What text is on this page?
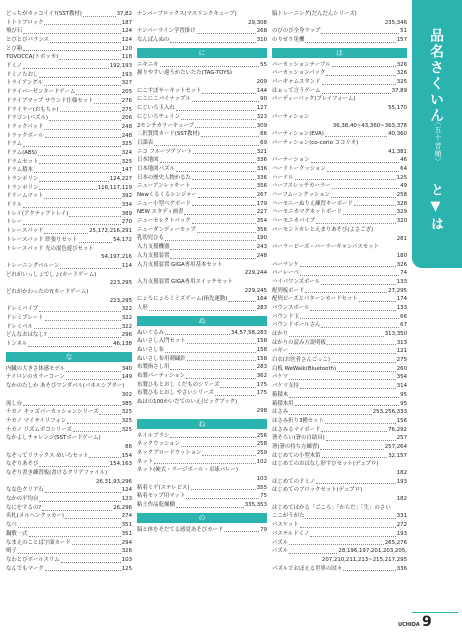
品名さくいん
〈五十音順〉
と▼は
どっちがカッコイイ?(SST教材)	37,82
トトトブロック	187
飛び石	124
とびとびバランス	124
とび箱	120
TOVOCCA(トボッカ)	118
ドミノ	192,193
ドミノたおし	193
トライアングル	327
ドライバーゼンタードゲーム	205
ドライブマップ サウンド仕様セット	276
ドライヤー(おもちゃ)	275
ドラゴン(パズル)	206
トラックパッド	248
トラックボール	248
ドラム	325
ドラム(ABS)	324
ドラムセット	325
ドラム積木	147
トランポリン	124,227
トランポリン	116,117,119
ドリームマット	392
ドリル	334
トレイ(アクティブトレイ)	389
トレー	270
トレースパッド	25,172,216,291
トレースパッド 紗張りセット	54,172
トレースパッド 光の混色遊びセット
54,197,216
トレーニングバルーン	114
どれがいっしょでしょ(カードゲーム)
223,295
どれがかわったの?(カードゲーム)
223,295
ドレミパイプ	322
ドレミプレート	322
ドレミベル	322
どんなおはなし?	296
トンネル	46,138
な
内臓の大きさ体感モデル	340
ナイロンのカラーコーン	149
なかのたしか あそびワンダバル(パネルシアター)
302
流し台	385
ナカノ キッズパーカッションシリーズ	325
ナカノ マイサイリフォン	325
ナカノ リズムボコシリーズ	325
なかよしチャレンジ(SSTボードゲーム)
86
なぞってリラックス めいろセット	154
なぞりあそび	154,163
なぞり書き練習板(書けるクリアファイル)
26,31,93,296
なな色クリア石	124
なかの平均台	123
なにをするの?	26,296
名札(メルヘンクッカー)	274
なべ	351
鍋敷一式	351
なまえのことば字面カード	294
鳴子	326
なわとびボールスリム	103
なんでもマーク	125
ナンバーブロックス(マスリンクキューブ)
29,308
ナンバーライン学習掛け	268
なんばんぬの	310
に
ニキニキ	55
握りやすい違うかたいたた(TAG-TOYS)
209
にこすぽサーキットセット	144
にこにこバイナップル	90
にじいろ玉入れ	127
にじいろチェイン	323
2モンチカラーキューブ	309
二択質問カード(SST教材)	86
日課表	69
ニコ フルーツアソート	321
日本地図	336
日本地図パズル	336
日本の歴史人物かるた	336
ニューアンレッキート	356
Newくるくるレンジャー	267
ニュー小型ベグボード	179
NEW スタディ画書	227
ニューセレクトパック	354
ニューダンディーモップ	356
乳幼児ひも	190
入力支援機器	243
入力支援装置	248
入力支援装置 GIGA専用基本セット
229,244
入力支援装置 GIGA専用スイッチセット
229,245
にょろにょろミミズゲーム(指先運動)	164
人形	283
ぬ
ぬいぐるみ	34,57,58,283
ぬいさし入門セット	158
ぬいさし布	158
ぬいさし布用刺繍針	158
布製指さし用	283
布製パーティション	362
布製ひもとおし くだものシリーズ	175
布製ひもとおし やさいシリーズ	175
ぬはの100かいだてのいえ(ビッグブック)
298
ね
ネイルブラシ	256
ネックウッション	258
ネックブロードウッション	259
ネット	102
ネット(硬式・ラージボール・卓球バレー)
103
粘着ミゲ(ステレビス)	355
粘着モップ用マット	75
粘土作品乾燥棚	335,353
の
脳と体をそだてる感覚あそびカード	79
脳トレーニング(だんだんシリーズ)
235,346
のびのび全身ラップ	51
のりせり免機	157
は
パーカッションテーブル	326
パーカッションパック	326
パーギャムスタンド	325
はぁって言うゲーム	37,89
バーディーパック(プレイフォーム)
55,170
パーティション
36,38,40~43,360~363,378
パーティション(EVA)	40,360
パーティション(co-corio ココリオ)
41,381
パーテーション	46
ハードトークッション	64
ハードル	125
ハーフスレッチカーラー	49
ハーフムーンクッション	258
ハーモニーぬりえ練習キーボード	328
ハーモニカマグネットボード	329
ハーモニカパイプ	320
バーモントカレとえまりあそび(よさござ)
281
バーラービーズ・バーラーキャンパスセット
180
バーランケ	326
バーレーベ	74
ハイパワンズボール	133
配列板ボード	27,295
配列ビーズとパターンカードセット	174
バウンスボール	133
バウンド玉	66
バウンドボールさん	67
はかり	313,350
はかりの読み方説明板	313
バギー	121
白衣(お医者さんごっこ)	275
白板 WeWalk(Bluetooth)	260
バケツ	354
バケツ支持	314
箱積木	95
箱積木用	95
はさみ	253,256,333
はさみ折り3種セット	156
はさみるマイボード	76,292
箸そろい(箸の自助具)	257
箸(箸の持ち方練習)	257,264
はじめての小型木笛	32,157
はじめてのおはなし形すびセット(デュプロ)
182
はじめてのドミノ	193
はじめてのブロックセット(デュプロ)
182
はじめてはかる「ごころ」「からだ」「生」のさい
ここがうがた	331
パスケット	272
パステルドミノ	193
パズル	265,276
パズル	28,196,197,201,203,205,
207,210,211,213~215,217,295
パズルでおぼえる世界の国々	336
UCHIDA 9
